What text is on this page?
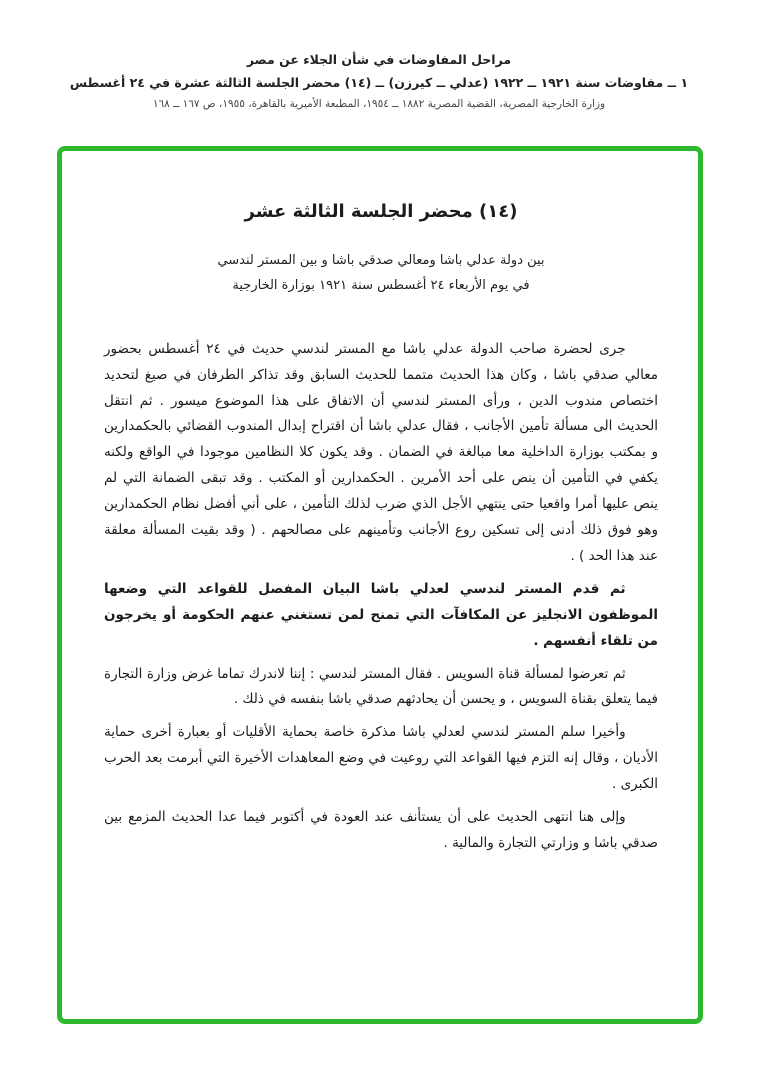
مراحل المفاوضات في شأن الجلاء عن مصر
١ ــ مفاوضات سنة ١٩٢١ ــ ١٩٢٢ (عدلي ــ كيرزن) ــ (١٤) محضر الجلسة الثالثة عشرة في ٢٤ أغسطس
وزارة الخارجية المصرية، القضية المصرية ١٨٨٢ ــ ١٩٥٤، المطبعة الأميرية بالقاهرة، ١٩٥٥، ص ١٦٧ ــ ١٦٨
(١٤) محضر الجلسة الثالثة عشر
بين دولة عدلي باشا ومعالي صدقي باشا و بين المستر لندسي
في يوم الأربعاء ٢٤ أغسطس سنة ١٩٢١ بوزارة الخارجية

جرى لحضرة صاحب الدولة عدلي باشا مع المستر لندسي حديث في ٢٤ أغسطس بحضور معالي صدقي باشا ، وكان هذا الحديث متمما للحديث السابق وقد تذاكر الطرفان في صيغ لتحديد اختصاص مندوب الدين ، ورأى المستر لندسي أن الاتفاق على هذا الموضوع ميسور . ثم انتقل الحديث الى مسألة تأمين الأجانب ، فقال عدلي باشا أن اقتراح إبدال المندوب القضائي بالحكمدارين و بمكتب بوزارة الداخلية معا مبالغة في الضمان . وقد يكون كلا النظامين موجودا في الواقع ولكنه يكفي في التأمين أن ينص على أحد الأمرين . الحكمدارين أو المكتب . وقد تبقى الضمانة التي لم ينص عليها أمرا واقعيا حتى ينتهي الأجل الذي ضرب لذلك التأمين ، على أني أفضل نظام الحكمدارين وهو فوق ذلك أدنى إلى تسكين روع الأجانب وتأمينهم على مصالحهم . ( وقد بقيت المسألة معلقة عند هذا الحد ) .

ثم قدم المستر لندسي لعدلي باشا البيان المفصل للقواعد التي وضعها الموظفون الانجليز عن المكافآت التي تمنح لمن تستغني عنهم الحكومة أو يخرجون من تلقاء أنفسهم .

ثم تعرضوا لمسألة قناة السويس . فقال المستر لندسي : إننا لاندرك تماما غرض وزارة التجارة فيما يتعلق بقناة السويس ، و يحسن أن يحادثهم صدقي باشا بنفسه في ذلك .

وأخيرا سلم المستر لندسي لعدلي باشا مذكرة خاصة بحماية الأقليات أو بعبارة أخرى حماية الأديان ، وقال إنه التزم فيها القواعد التي روعيت في وضع المعاهدات الأخيرة التي أبرمت بعد الحرب الكبرى .

وإلى هنا انتهى الحديث على أن يستأنف عند العودة في أكتوبر فيما عدا الحديث المزمع بين صدقي باشا و وزارتي التجارة والمالية .
